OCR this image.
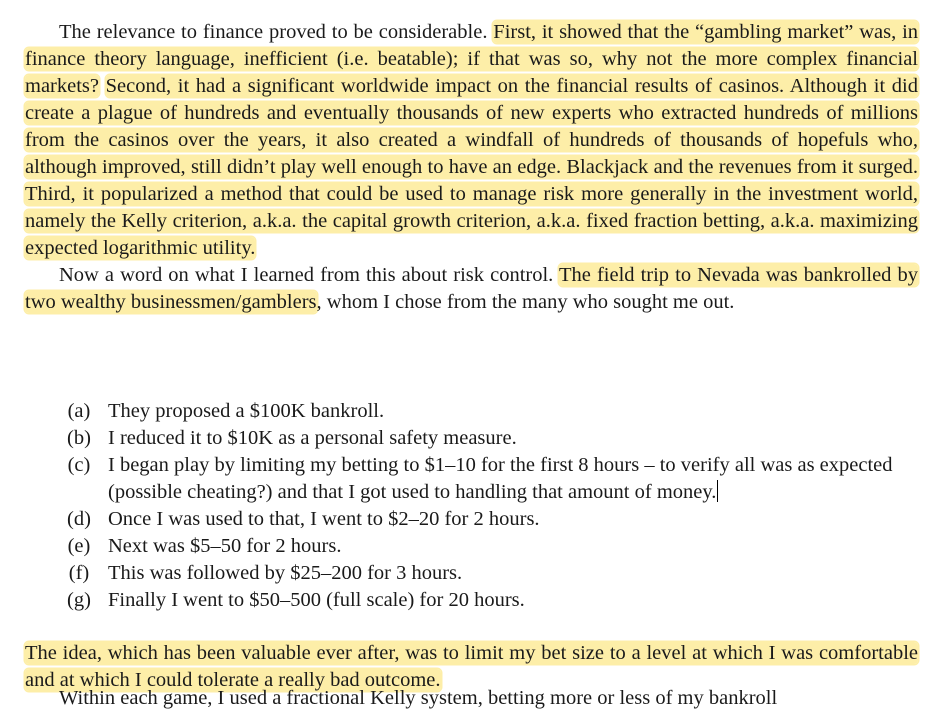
The relevance to finance proved to be considerable. First, it showed that the “gambling market” was, in finance theory language, inefficient (i.e. beatable); if that was so, why not the more complex financial markets? Second, it had a significant worldwide impact on the financial results of casinos. Although it did create a plague of hundreds and eventually thousands of new experts who extracted hundreds of millions from the casinos over the years, it also created a windfall of hundreds of thousands of hopefuls who, although improved, still didn’t play well enough to have an edge. Blackjack and the revenues from it surged. Third, it popularized a method that could be used to manage risk more generally in the investment world, namely the Kelly criterion, a.k.a. the capital growth criterion, a.k.a. fixed fraction betting, a.k.a. maximizing expected logarithmic utility.

Now a word on what I learned from this about risk control. The field trip to Nevada was bankrolled by two wealthy businessmen/gamblers, whom I chose from the many who sought me out.

(a) They proposed a $100K bankroll.
(b) I reduced it to $10K as a personal safety measure.
(c) I began play by limiting my betting to $1–10 for the first 8 hours – to verify all was as expected (possible cheating?) and that I got used to handling that amount of money.
(d) Once I was used to that, I went to $2–20 for 2 hours.
(e) Next was $5–50 for 2 hours.
(f) This was followed by $25–200 for 3 hours.
(g) Finally I went to $50–500 (full scale) for 20 hours.

The idea, which has been valuable ever after, was to limit my bet size to a level at which I was comfortable and at which I could tolerate a really bad outcome.

Within each game, I used a fractional Kelly system, betting more or less of my bankroll
